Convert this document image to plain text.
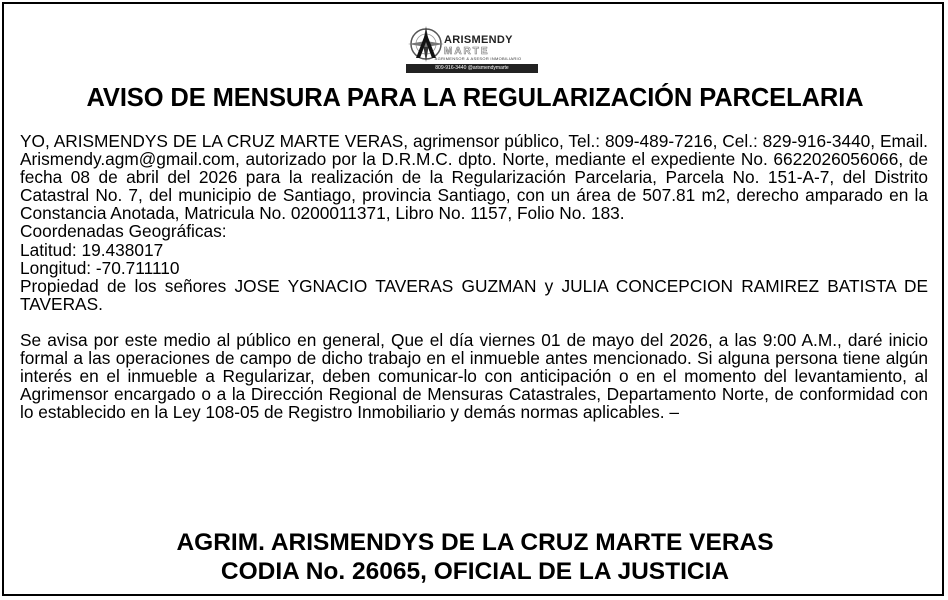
ARISMENDY
MARTE
AGRIMENSOR & ASESOR INMOBILIARIO
809-916-3440 @arismendymarte
AVISO DE MENSURA PARA LA REGULARIZACIÓN PARCELARIA

YO, ARISMENDYS DE LA CRUZ MARTE VERAS, agrimensor público, Tel.: 809-489-7216, Cel.: 829-916-3440, Email. Arismendy.agm@gmail.com, autorizado por la D.R.M.C. dpto. Norte, mediante el expediente No. 6622026056066, de fecha 08 de abril del 2026 para la realización de la Regularización Parcelaria, Parcela No. 151-A-7, del Distrito Catastral No. 7, del municipio de Santiago, provincia Santiago, con un área de 507.81 m2, derecho amparado en la Constancia Anotada, Matricula No. 0200011371, Libro No. 1157, Folio No. 183.

Coordenadas Geográficas:
Latitud: 19.438017
Longitud: -70.711110

Propiedad de los señores JOSE YGNACIO TAVERAS GUZMAN y JULIA CONCEPCION RAMIREZ BATISTA DE TAVERAS.

Se avisa por este medio al público en general, Que el día viernes 01 de mayo del 2026, a las 9:00 A.M., daré inicio formal a las operaciones de campo de dicho trabajo en el inmueble antes mencionado. Si alguna persona tiene algún interés en el inmueble a Regularizar, deben comunicar-lo con anticipación o en el momento del levantamiento, al Agrimensor encargado o a la Dirección Regional de Mensuras Catastrales, Departamento Norte, de conformidad con lo establecido en la Ley 108-05 de Registro Inmobiliario y demás normas aplicables. –

AGRIM. ARISMENDYS DE LA CRUZ MARTE VERAS
CODIA No. 26065, OFICIAL DE LA JUSTICIA
